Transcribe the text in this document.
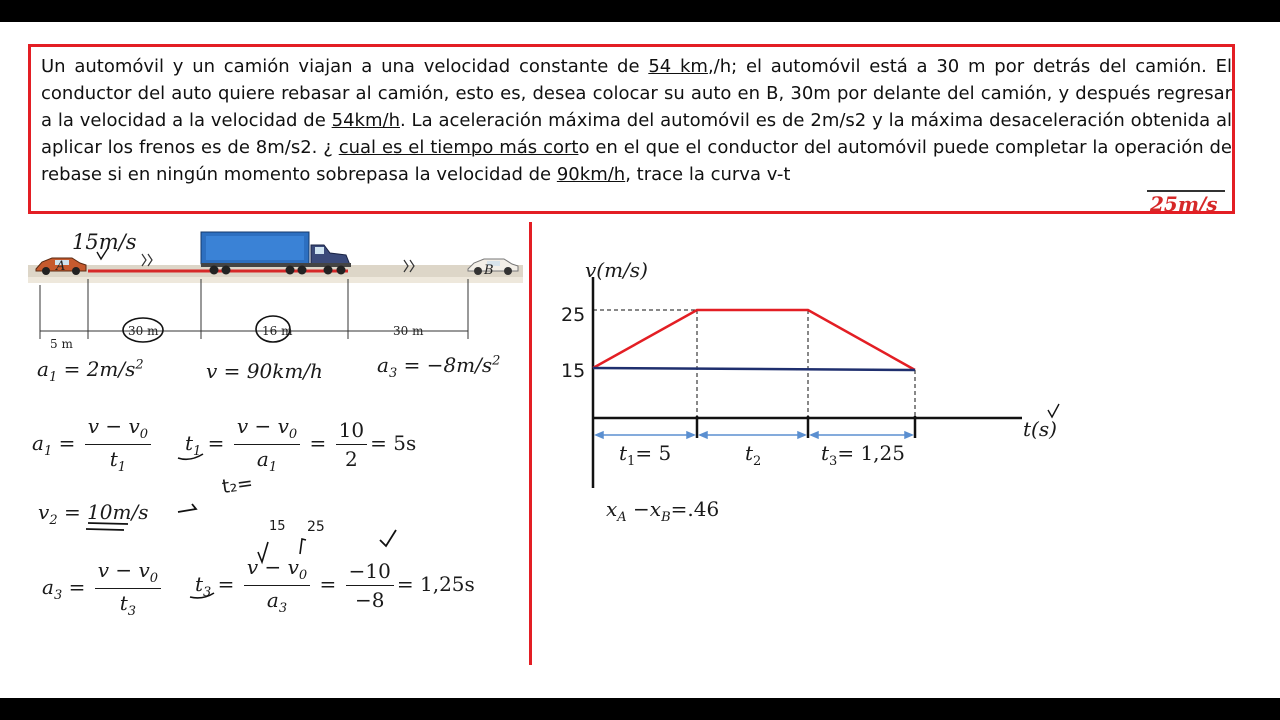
Un automóvil y un camión viajan a una velocidad constante de 54 km,/h; el automóvil está a 30 m por detrás del camión. El conductor del auto quiere rebasar al camión, esto es, desea colocar su auto en B, 30m por delante del camión, y después regresar a la velocidad a la velocidad de 54km/h. La aceleración máxima del automóvil es de 2m/s2 y la máxima desaceleración obtenida al aplicar los frenos es de 8m/s2. ¿ cual es el tiempo más corto en el que el conductor del automóvil puede completar la operación de rebase si en ningún momento sobrepasa la velocidad de 90km/h, trace la curva v-t

25m/s
A	B
5 m
30 m	16 m	30 m
15m/s
$a_1 = 2m/s^2$	v = 90km/h	$a_3 = -8m/s^2$
$a_1 = \frac{v - v_0}{t_1} t_1 = \frac{v - v_0}{a_1} = \frac{10}{2} = 5s$
$v_2 = 10m/s$
t₂=
$a_3 = \frac{v - v_0}{t_3} t_3 = \frac{v - v_0}{a_3} = \frac{-10}{-8} = 1,25s$
15 25
v(m/s)
t(s)
25
15
$t_1= 5$	$t_2$	$t_3= 1,25$
$x_A -x_B=.46$
